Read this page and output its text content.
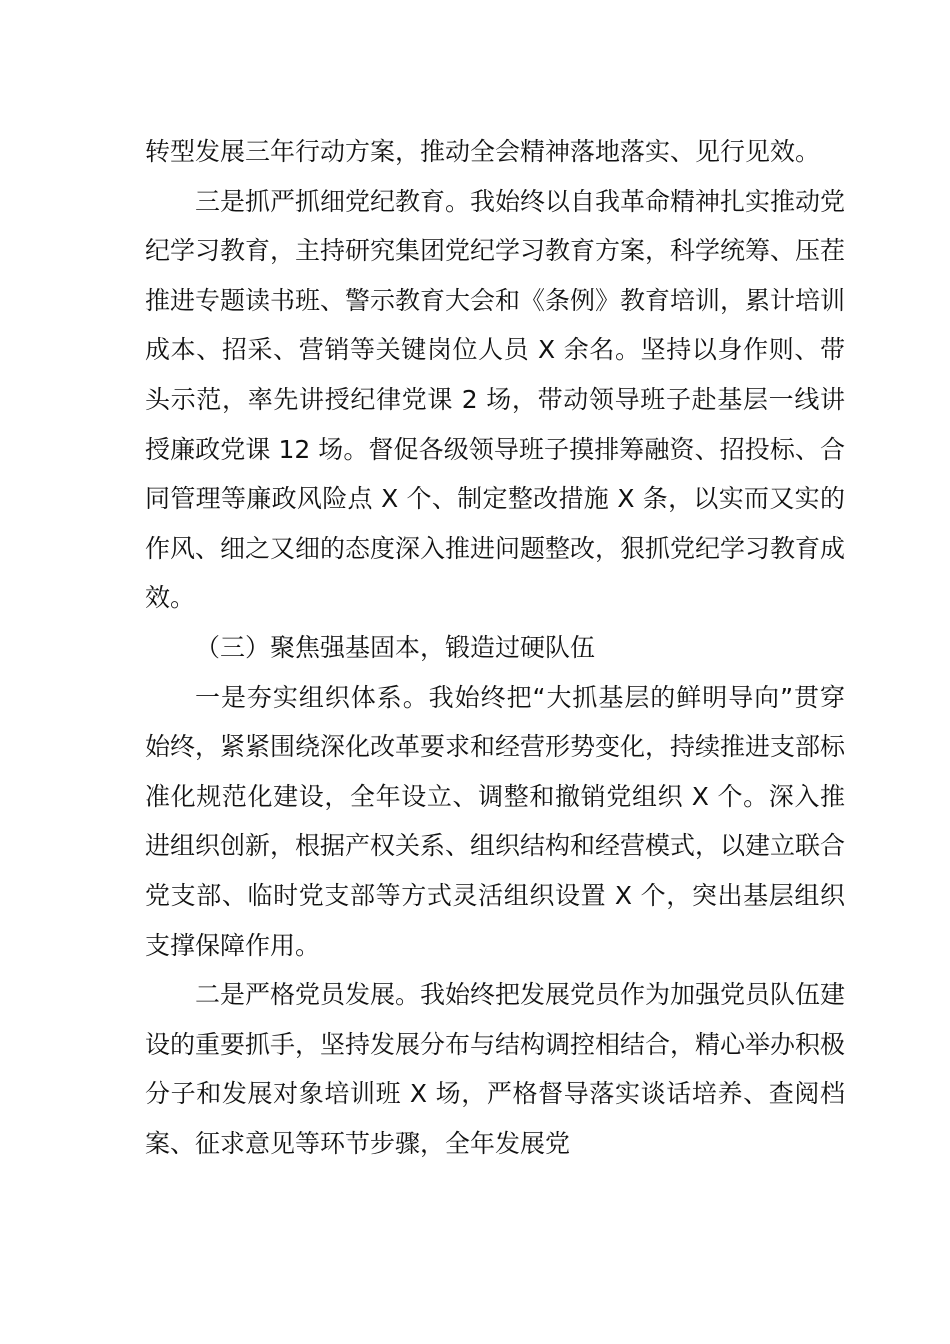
转型发展三年行动方案，推动全会精神落地落实、见行见效。

三是抓严抓细党纪教育。我始终以自我革命精神扎实推动党纪学习教育，主持研究集团党纪学习教育方案，科学统筹、压茬推进专题读书班、警示教育大会和《条例》教育培训，累计培训成本、招采、营销等关键岗位人员 X 余名。坚持以身作则、带头示范，率先讲授纪律党课 2 场，带动领导班子赴基层一线讲授廉政党课 12 场。督促各级领导班子摸排筹融资、招投标、合同管理等廉政风险点 X 个、制定整改措施 X 条，以实而又实的作风、细之又细的态度深入推进问题整改，狠抓党纪学习教育成效。

（三）聚焦强基固本，锻造过硬队伍

一是夯实组织体系。我始终把“大抓基层的鲜明导向”贯穿始终，紧紧围绕深化改革要求和经营形势变化，持续推进支部标准化规范化建设，全年设立、调整和撤销党组织 X 个。深入推进组织创新，根据产权关系、组织结构和经营模式，以建立联合党支部、临时党支部等方式灵活组织设置 X 个，突出基层组织支撑保障作用。

二是严格党员发展。我始终把发展党员作为加强党员队伍建设的重要抓手，坚持发展分布与结构调控相结合，精心举办积极分子和发展对象培训班 X 场，严格督导落实谈话培养、查阅档案、征求意见等环节步骤，全年发展党
